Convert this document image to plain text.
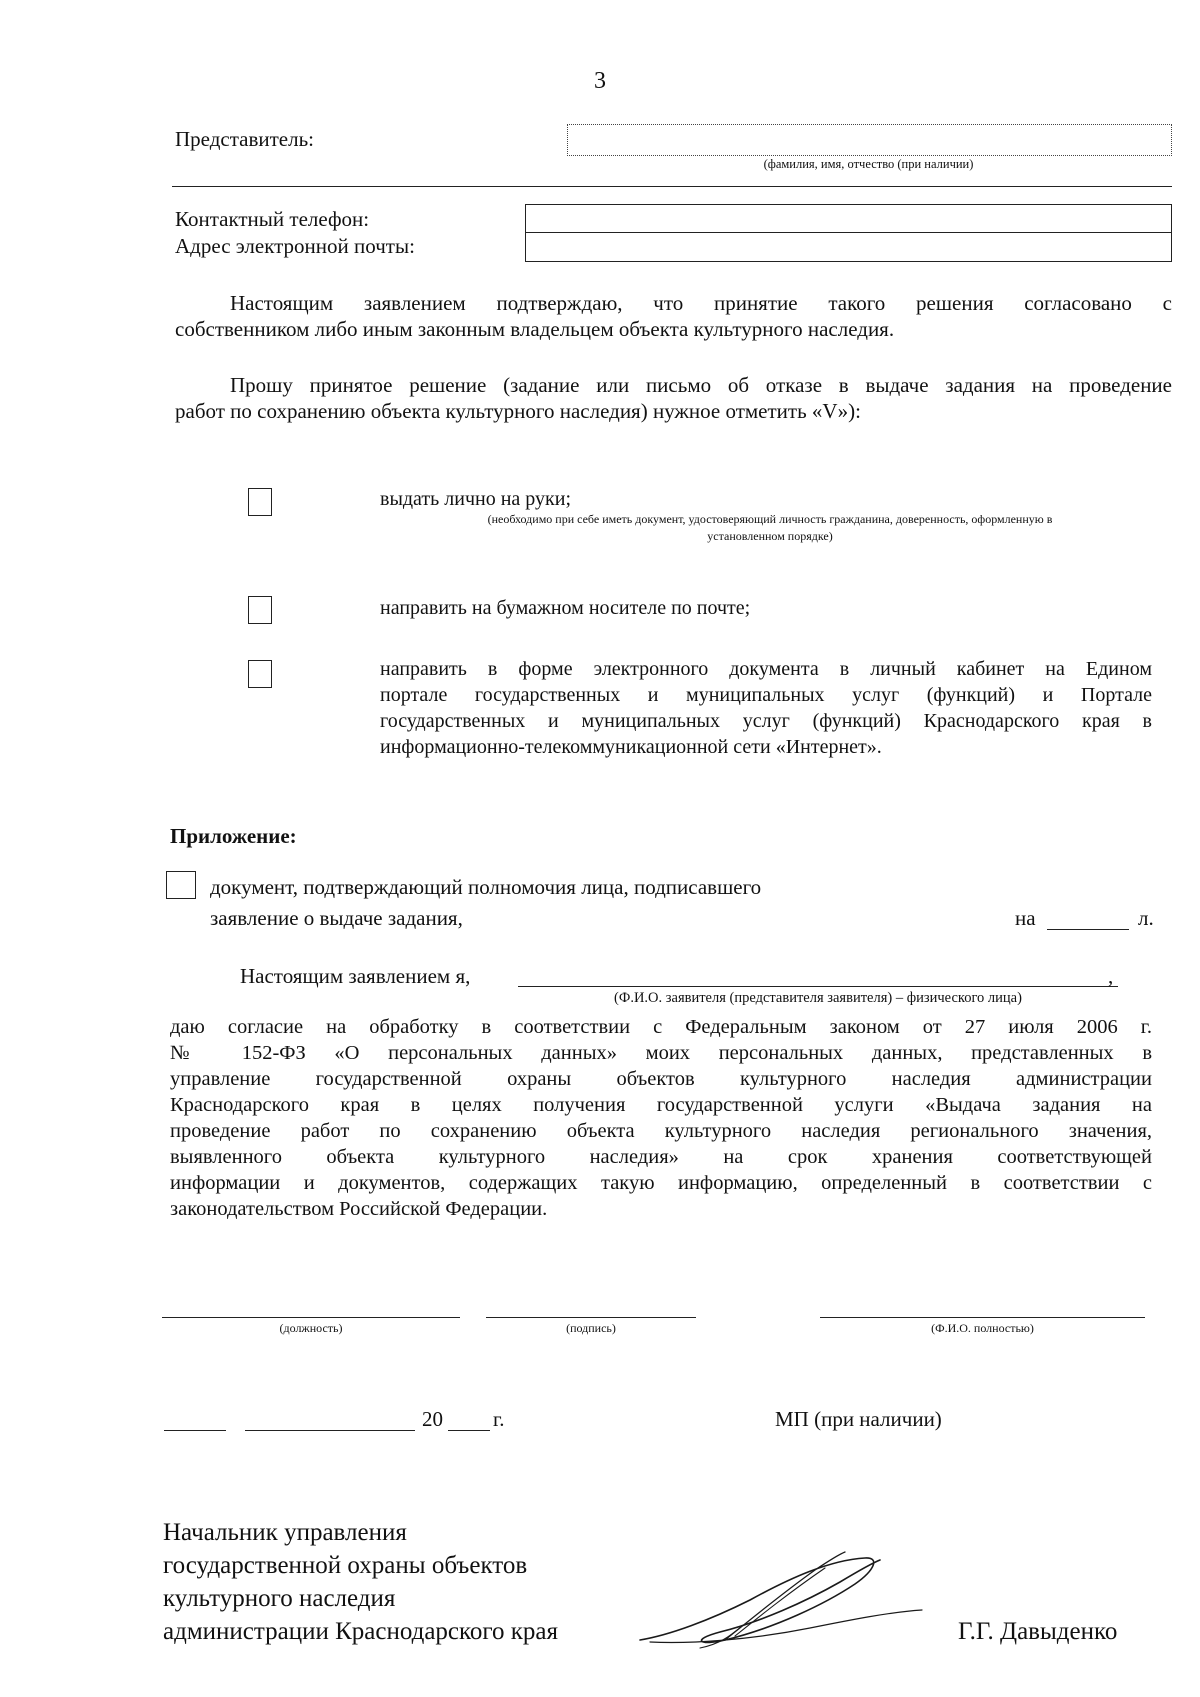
3
Представитель:
(фамилия, имя, отчество (при наличии)
Контактный телефон:
Адрес электронной почты:
Настоящим заявлением подтверждаю, что принятие такого решения согласовано с
собственником либо иным законным владельцем объекта культурного наследия.
Прошу принятое решение (задание или письмо об отказе в выдаче задания на проведение
работ по сохранению объекта культурного наследия) нужное отметить «V»):
выдать лично на руки;
(необходимо при себе иметь документ, удостоверяющий личность гражданина, доверенность, оформленную в
установленном порядке)
направить на бумажном носителе по почте;
направить в форме электронного документа в личный кабинет на Едином
портале государственных и муниципальных услуг (функций) и Портале
государственных и муниципальных услуг (функций) Краснодарского края в
информационно-телекоммуникационной сети «Интернет».
Приложение:
документ, подтверждающий полномочия лица, подписавшего
заявление о выдаче задания,	на	л.
Настоящим заявлением я,	,
(Ф.И.О. заявителя (представителя заявителя) – физического лица)
даю согласие на обработку в соответствии с Федеральным законом от 27 июля 2006 г.
№ 152-ФЗ «О персональных данных» моих персональных данных, представленных в
управление государственной охраны объектов культурного наследия администрации
Краснодарского края в целях получения государственной услуги «Выдача задания на
проведение работ по сохранению объекта культурного наследия регионального значения,
выявленного объекта культурного наследия» на срок хранения соответствующей
информации и документов, содержащих такую информацию, определенный в соответствии с
законодательством Российской Федерации.
(должность)	(подпись)	(Ф.И.О. полностью)
20 г.	МП (при наличии)
Начальник управления
государственной охраны объектов
культурного наследия
администрации Краснодарского края	Г.Г. Давыденко
